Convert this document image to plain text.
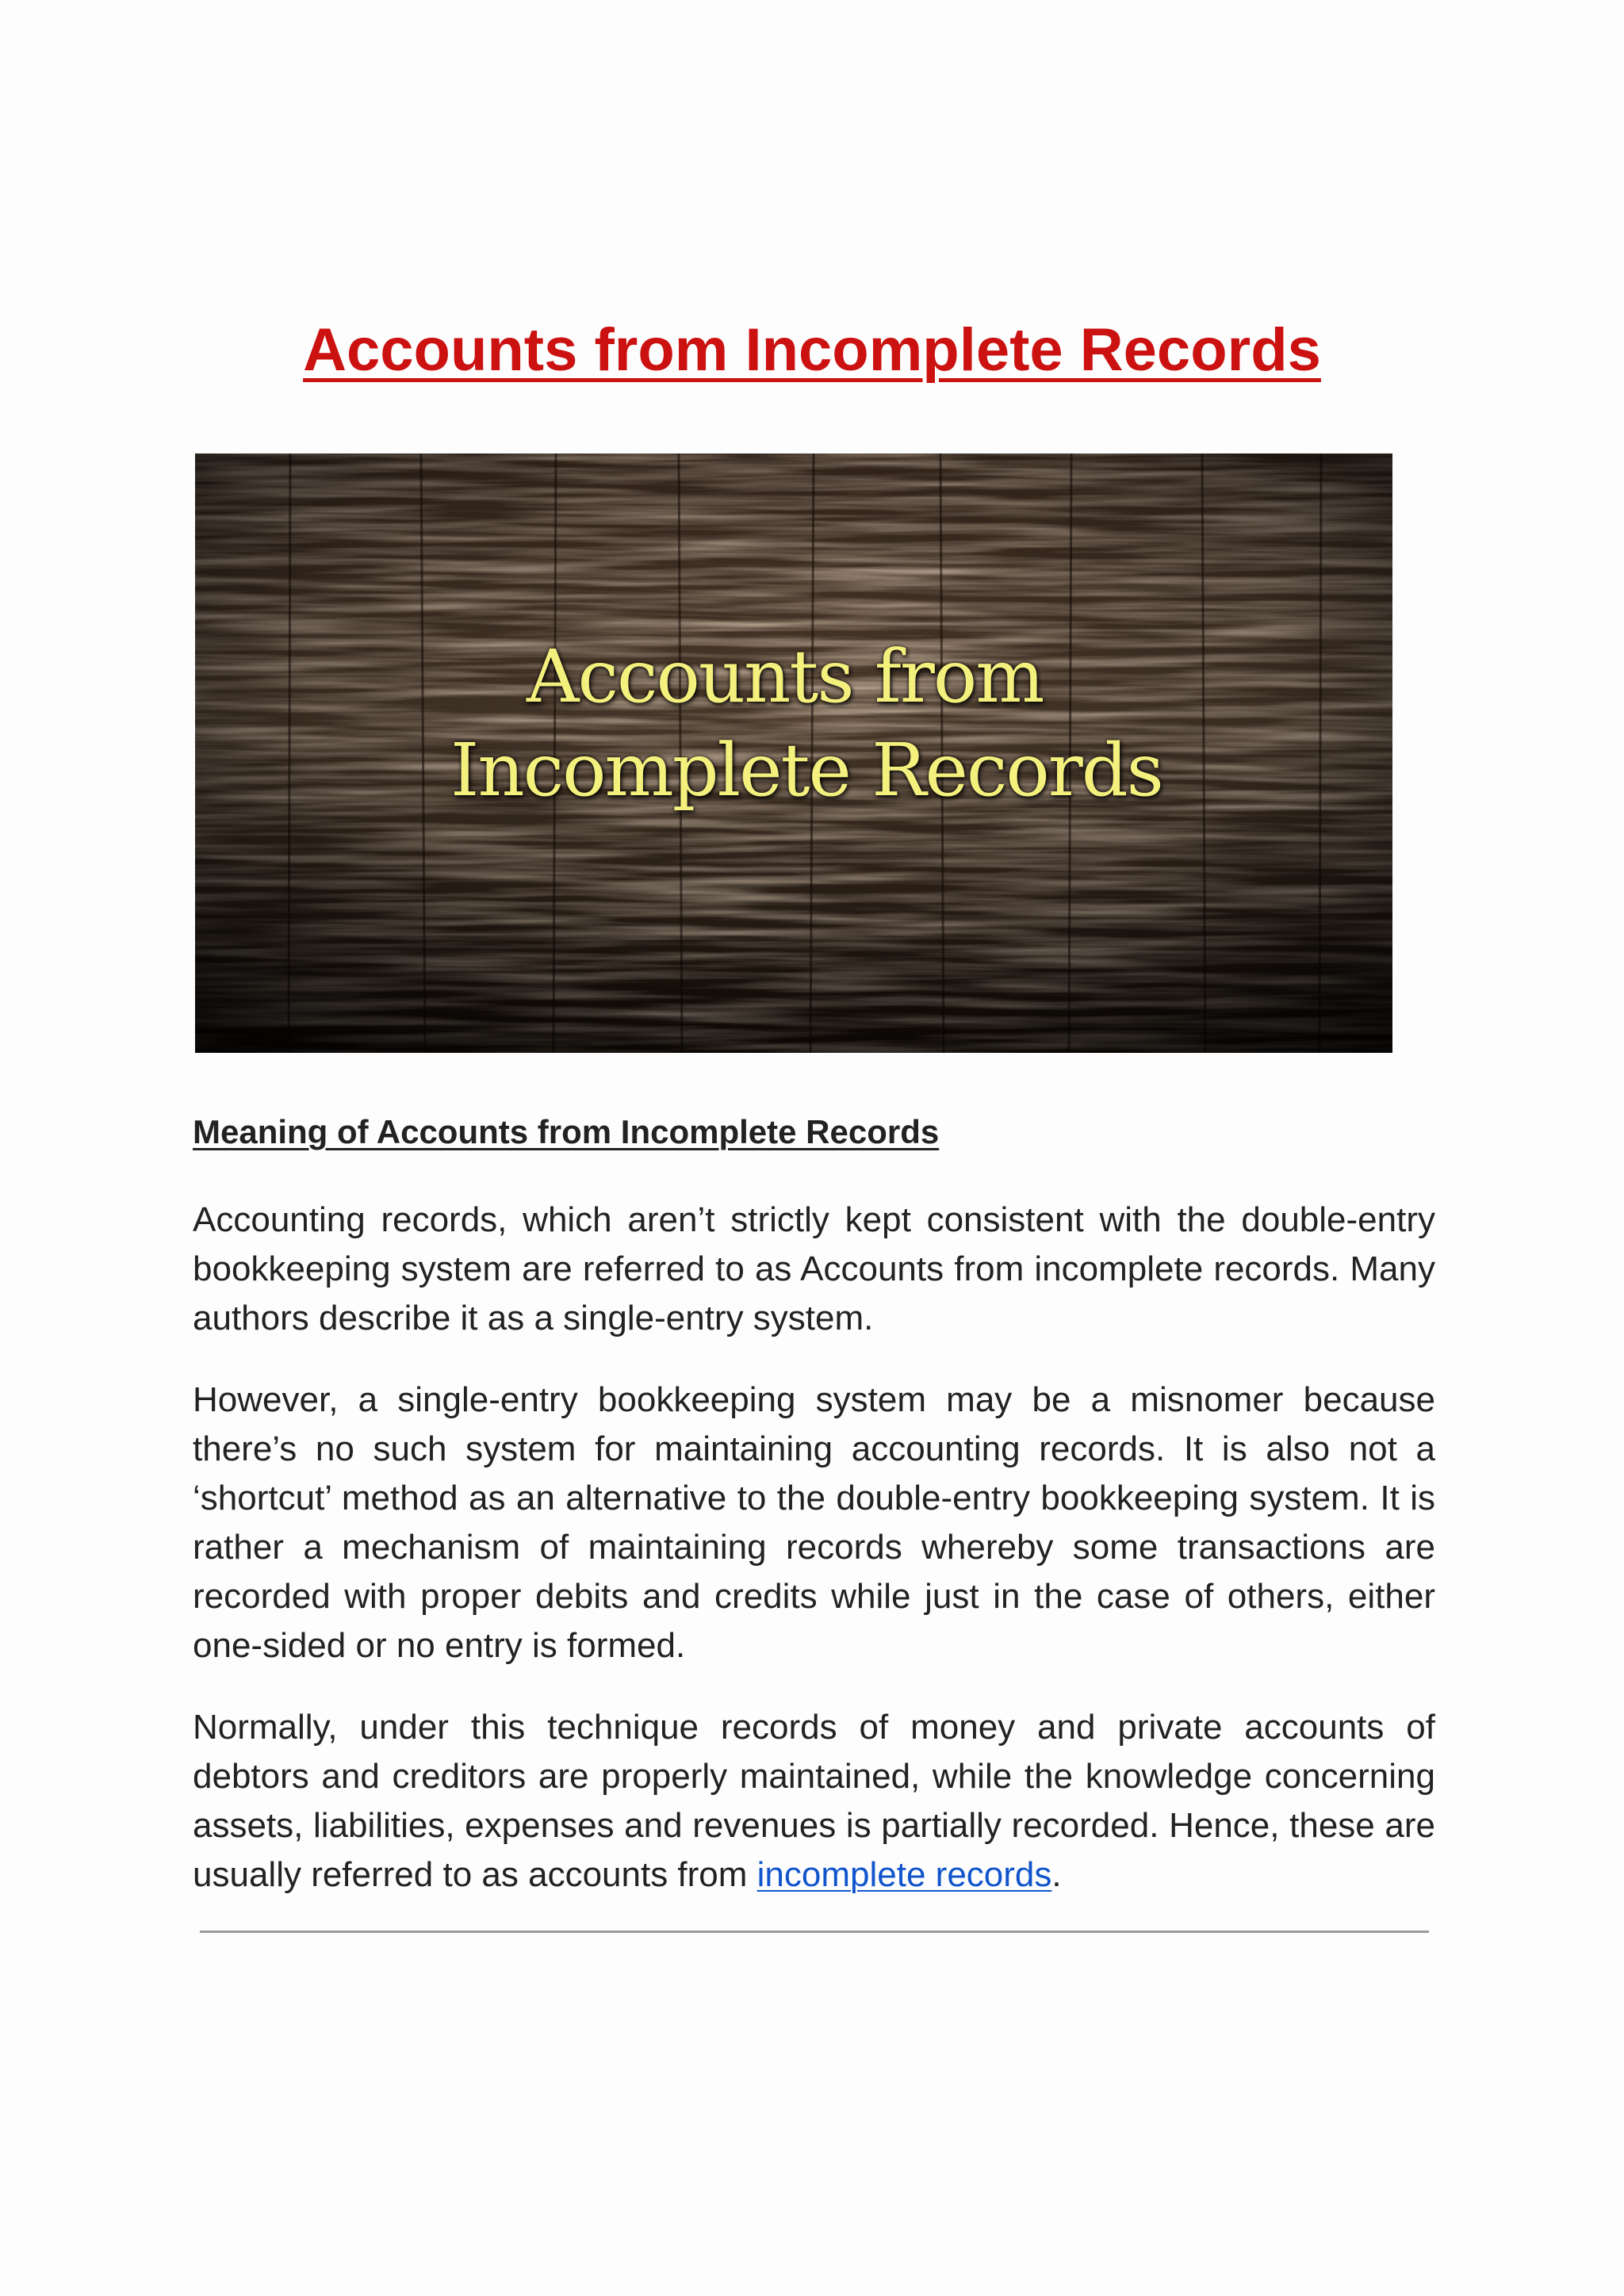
Accounts from Incomplete Records
Accounts from
Incomplete Records
Meaning of Accounts from Incomplete Records

Accounting records, which aren’t strictly kept consistent with the double-entry bookkeeping system are referred to as Accounts from incomplete records. Many authors describe it as a single-entry system.

However, a single-entry bookkeeping system may be a misnomer because there’s no such system for maintaining accounting records. It is also not a ‘shortcut’ method as an alternative to the double-entry bookkeeping system. It is rather a mechanism of maintaining records whereby some transactions are recorded with proper debits and credits while just in the case of others, either one-sided or no entry is formed.

Normally, under this technique records of money and private accounts of debtors and creditors are properly maintained, while the knowledge concerning assets, liabilities, expenses and revenues is partially recorded. Hence, these are usually referred to as accounts from incomplete records.
